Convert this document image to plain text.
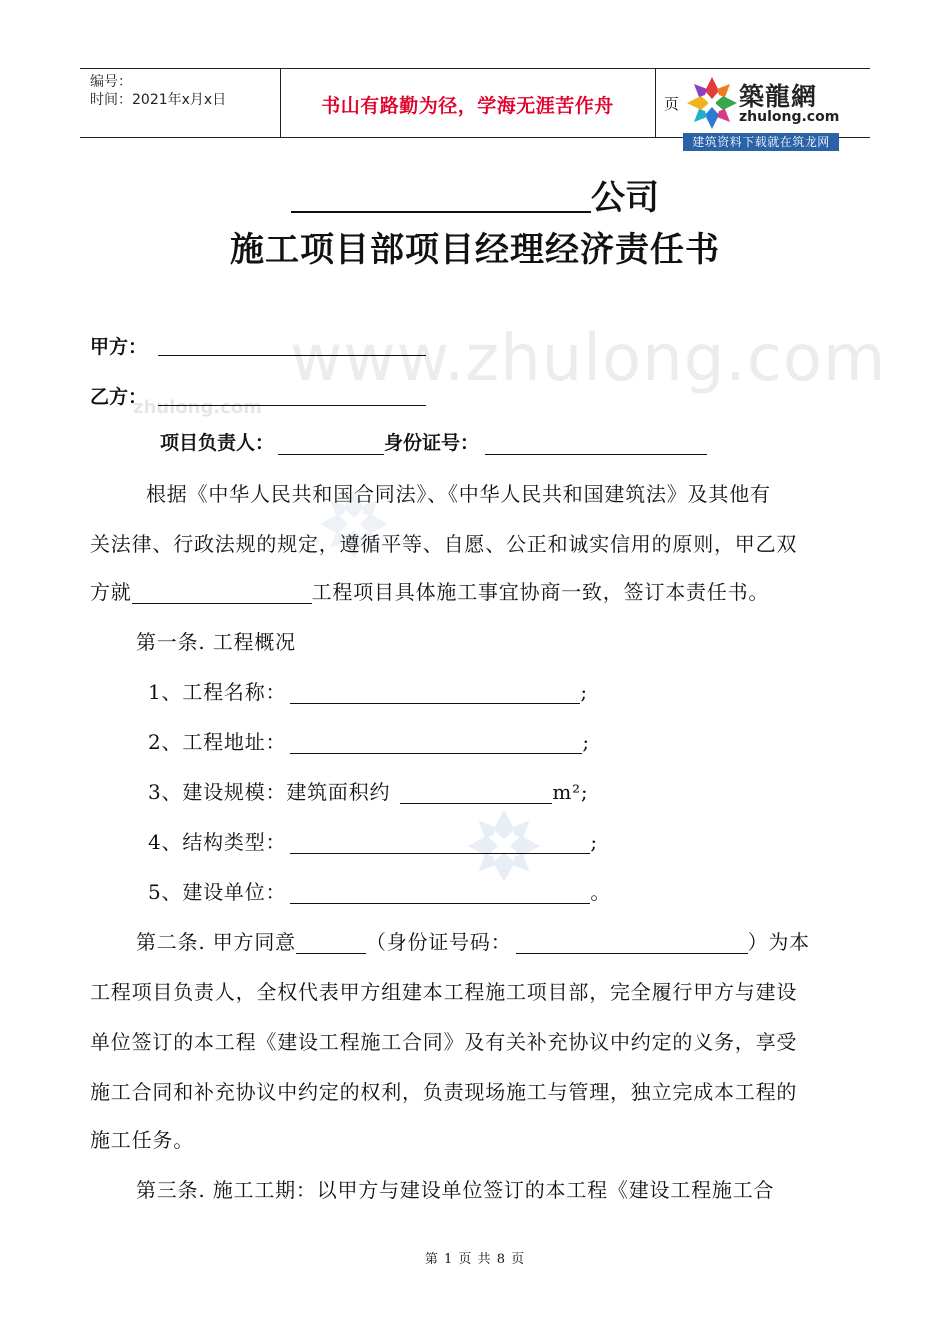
www.zhulong.com
zhulong.com
编号：
时间：2021年x月x日	书山有路勤为径，学海无涯苦作舟	页 築龍網
zhulong.com
建筑资料下载就在筑龙网
公司
施工项目部项目经理经济责任书
甲方：
乙方：
项目负责人：	身份证号：
根据《中华人民共和国合同法》、《中华人民共和国建筑法》及其他有
关法律、行政法规的规定，遵循平等、自愿、公正和诚实信用的原则，甲乙双
方就	工程项目具体施工事宜协商一致，签订本责任书。
第一条. 工程概况
1、工程名称：	;
2、工程地址：	;
3、建设规模：建筑面积约	m²;
4、结构类型：	;
5、建设单位：	。
第二条. 甲方同意	（身份证号码：	）为本
工程项目负责人，全权代表甲方组建本工程施工项目部，完全履行甲方与建设
单位签订的本工程《建设工程施工合同》及有关补充协议中约定的义务，享受
施工合同和补充协议中约定的权利，负责现场施工与管理，独立完成本工程的
施工任务。
第三条. 施工工期：以甲方与建设单位签订的本工程《建设工程施工合
第 1 页 共 8 页
